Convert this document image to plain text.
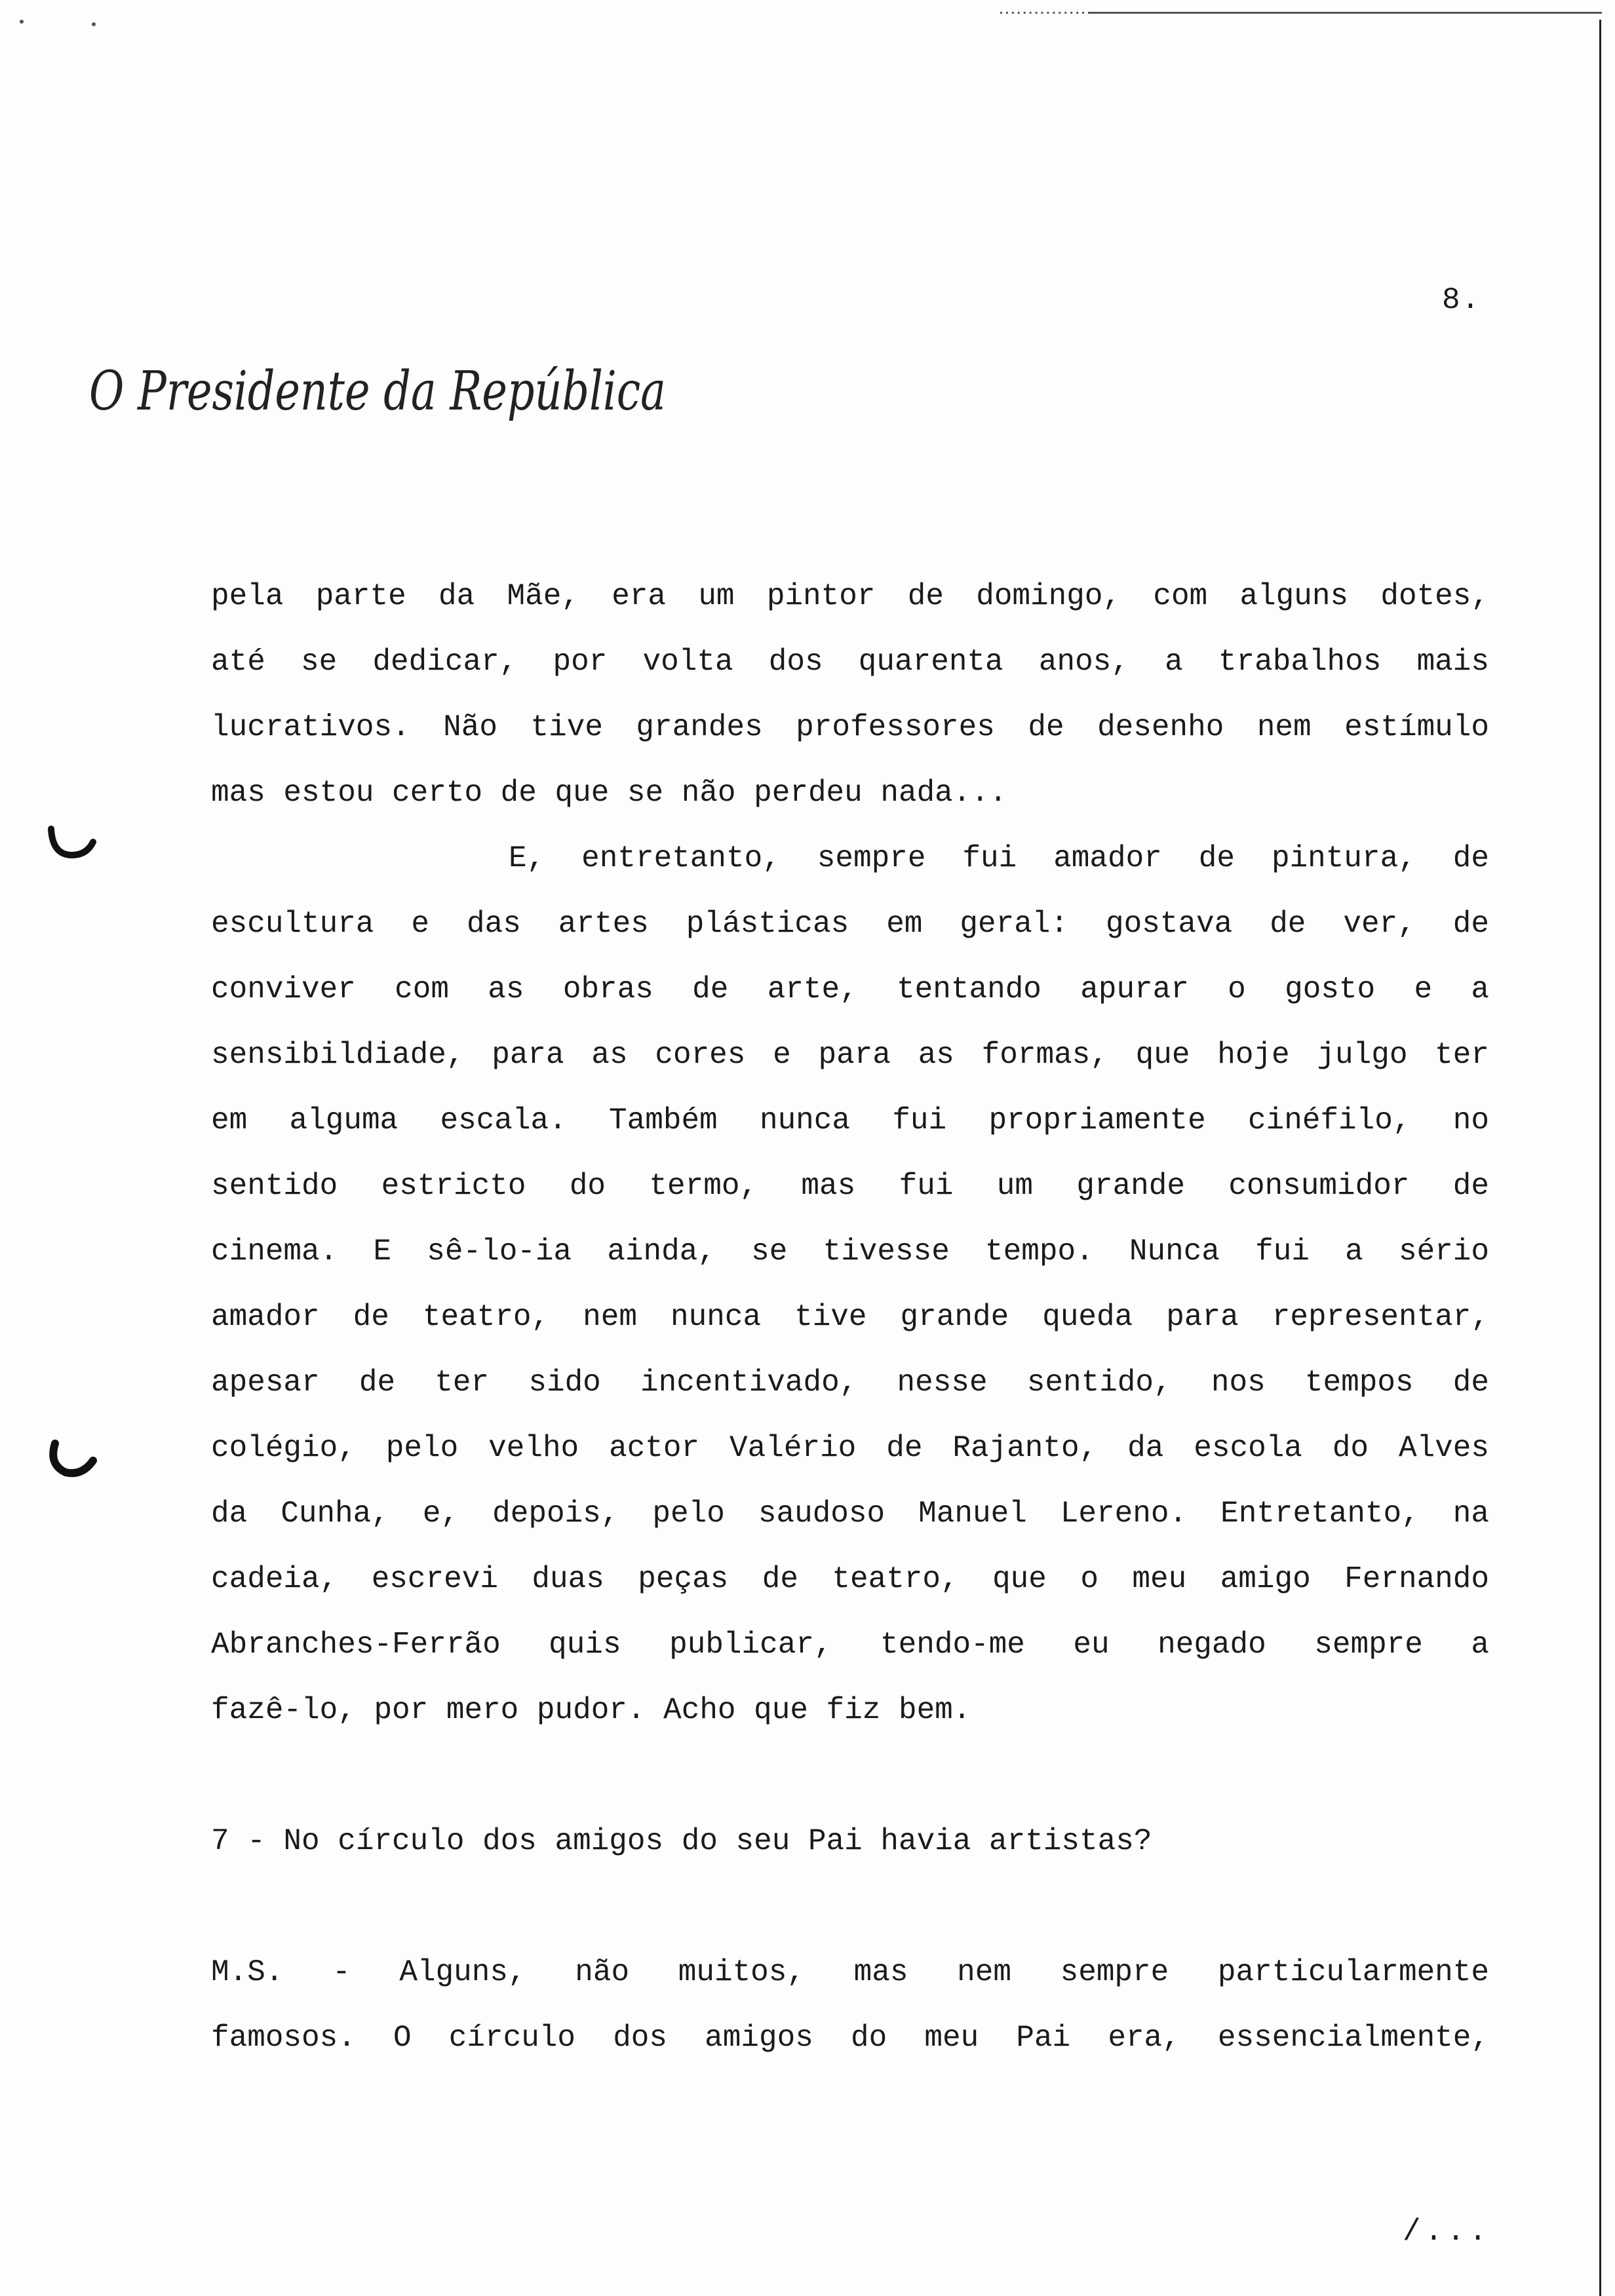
8.
O Presidente da República

pela parte da Mãe, era um pintor de domingo, com alguns dotes,

até se dedicar, por volta dos quarenta anos, a trabalhos mais

lucrativos. Não tive grandes professores de desenho nem estímulo

mas estou certo de que se não perdeu nada...

E, entretanto, sempre fui amador de pintura, de

escultura e das artes plásticas em geral: gostava de ver, de

conviver com as obras de arte, tentando apurar o gosto e a

sensibildiade, para as cores e para as formas, que hoje julgo ter

em alguma escala. Também nunca fui propriamente cinéfilo, no

sentido estricto do termo, mas fui um grande consumidor de

cinema. E sê-lo-ia ainda, se tivesse tempo. Nunca fui a sério

amador de teatro, nem nunca tive grande queda para representar,

apesar de ter sido incentivado, nesse sentido, nos tempos de

colégio, pelo velho actor Valério de Rajanto, da escola do Alves

da Cunha, e, depois, pelo saudoso Manuel Lereno. Entretanto, na

cadeia, escrevi duas peças de teatro, que o meu amigo Fernando

Abranches-Ferrão quis publicar, tendo-me eu negado sempre a

fazê-lo, por mero pudor. Acho que fiz bem.

7 - No círculo dos amigos do seu Pai havia artistas?

M.S. - Alguns, não muitos, mas nem sempre particularmente

famosos. O círculo dos amigos do meu Pai era, essencialmente,

/...
